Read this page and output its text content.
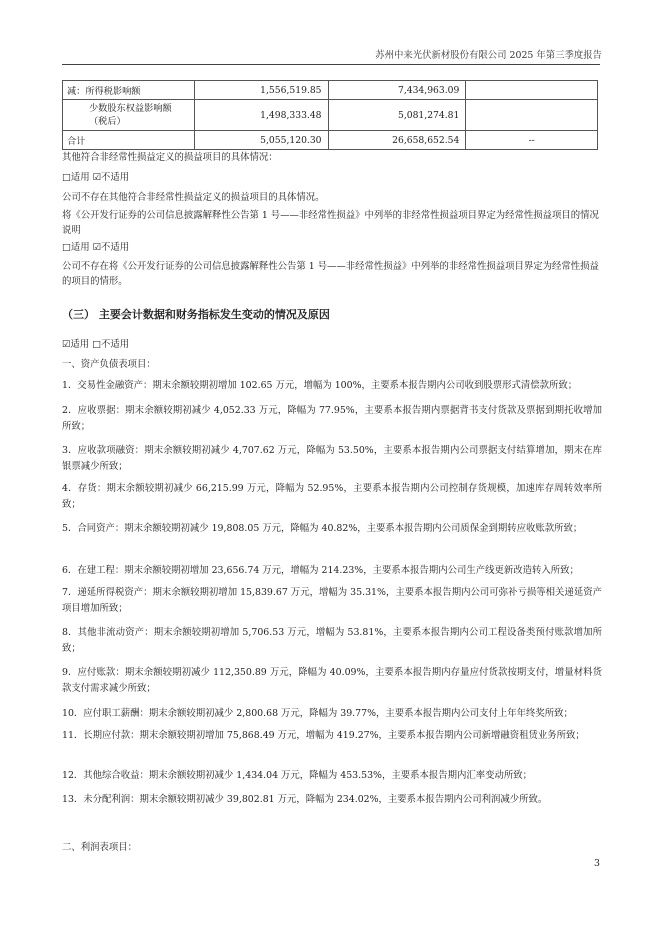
苏州中来光伏新材股份有限公司 2025 年第三季度报告
减：所得税影响额	1,556,519.85	7,434,963.09	
少数股东权益影响额（税后）	1,498,333.48	5,081,274.81	
合计	5,055,120.30	26,658,652.54	--
其他符合非经常性损益定义的损益项目的具体情况：
□适用 ☑不适用
公司不存在其他符合非经常性损益定义的损益项目的具体情况。
将《公开发行证券的公司信息披露解释性公告第 1 号——非经常性损益》中列举的非经常性损益项目界定为经常性损益项目的情况说明
□适用 ☑不适用
公司不存在将《公开发行证券的公司信息披露解释性公告第 1 号——非经常性损益》中列举的非经常性损益项目界定为经常性损益的项目的情形。
（三） 主要会计数据和财务指标发生变动的情况及原因
☑适用 □不适用
一、资产负债表项目：
1．交易性金融资产：期末余额较期初增加 102.65 万元，增幅为 100%，主要系本报告期内公司收到股票形式清偿款所致；
2．应收票据：期末余额较期初减少 4,052.33 万元，降幅为 77.95%，主要系本报告期内票据背书支付货款及票据到期托收增加所致；
3．应收款项融资：期末余额较期初减少 4,707.62 万元，降幅为 53.50%，主要系本报告期内公司票据支付结算增加，期末在库银票减少所致；
4．存货：期末余额较期初减少 66,215.99 万元，降幅为 52.95%，主要系本报告期内公司控制存货规模，加速库存周转效率所致；
5．合同资产：期末余额较期初减少 19,808.05 万元，降幅为 40.82%，主要系本报告期内公司质保金到期转应收账款所致；
6．在建工程：期末余额较期初增加 23,656.74 万元，增幅为 214.23%，主要系本报告期内公司生产线更新改造转入所致；
7．递延所得税资产：期末余额较期初增加 15,839.67 万元，增幅为 35.31%，主要系本报告期内公司可弥补亏损等相关递延资产项目增加所致；
8．其他非流动资产：期末余额较期初增加 5,706.53 万元，增幅为 53.81%，主要系本报告期内公司工程设备类预付账款增加所致；
9．应付账款：期末余额较期初减少 112,350.89 万元，降幅为 40.09%，主要系本报告期内存量应付货款按期支付，增量材料货款支付需求减少所致；
10．应付职工薪酬：期末余额较期初减少 2,800.68 万元，降幅为 39.77%，主要系本报告期内公司支付上年年终奖所致；
11．长期应付款：期末余额较期初增加 75,868.49 万元，增幅为 419.27%，主要系本报告期内公司新增融资租赁业务所致；
12．其他综合收益：期末余额较期初减少 1,434.04 万元，降幅为 453.53%，主要系本报告期内汇率变动所致；
13．未分配利润：期末余额较期初减少 39,802.81 万元，降幅为 234.02%，主要系本报告期内公司利润减少所致。
二、利润表项目：
3
